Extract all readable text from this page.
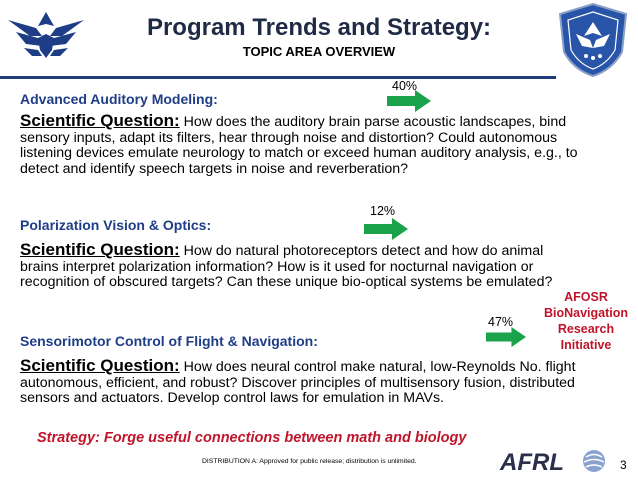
Program Trends and Strategy:
TOPIC AREA OVERVIEW
Advanced Auditory Modeling:
40%
Scientific Question: How does the auditory brain parse acoustic landscapes, bind sensory inputs, adapt its filters, hear through noise and distortion? Could autonomous listening devices emulate neurology to match or exceed human auditory analysis, e.g., to detect and identify speech targets in noise and reverberation?
Polarization Vision & Optics:
12%
Scientific Question: How do natural photoreceptors detect and how do animal brains interpret polarization information? How is it used for nocturnal navigation or recognition of obscured targets? Can these unique bio-optical systems be emulated?
Sensorimotor Control of Flight & Navigation:
47%
Scientific Question: How does neural control make natural, low-Reynolds No. flight autonomous, efficient, and robust? Discover principles of multisensory fusion, distributed sensors and actuators. Develop control laws for emulation in MAVs.
AFOSR
BioNavigation
Research
Initiative
Strategy: Forge useful connections between math and biology
DISTRIBUTION A: Approved for public release; distribution is unlimited.	AFRL	3
